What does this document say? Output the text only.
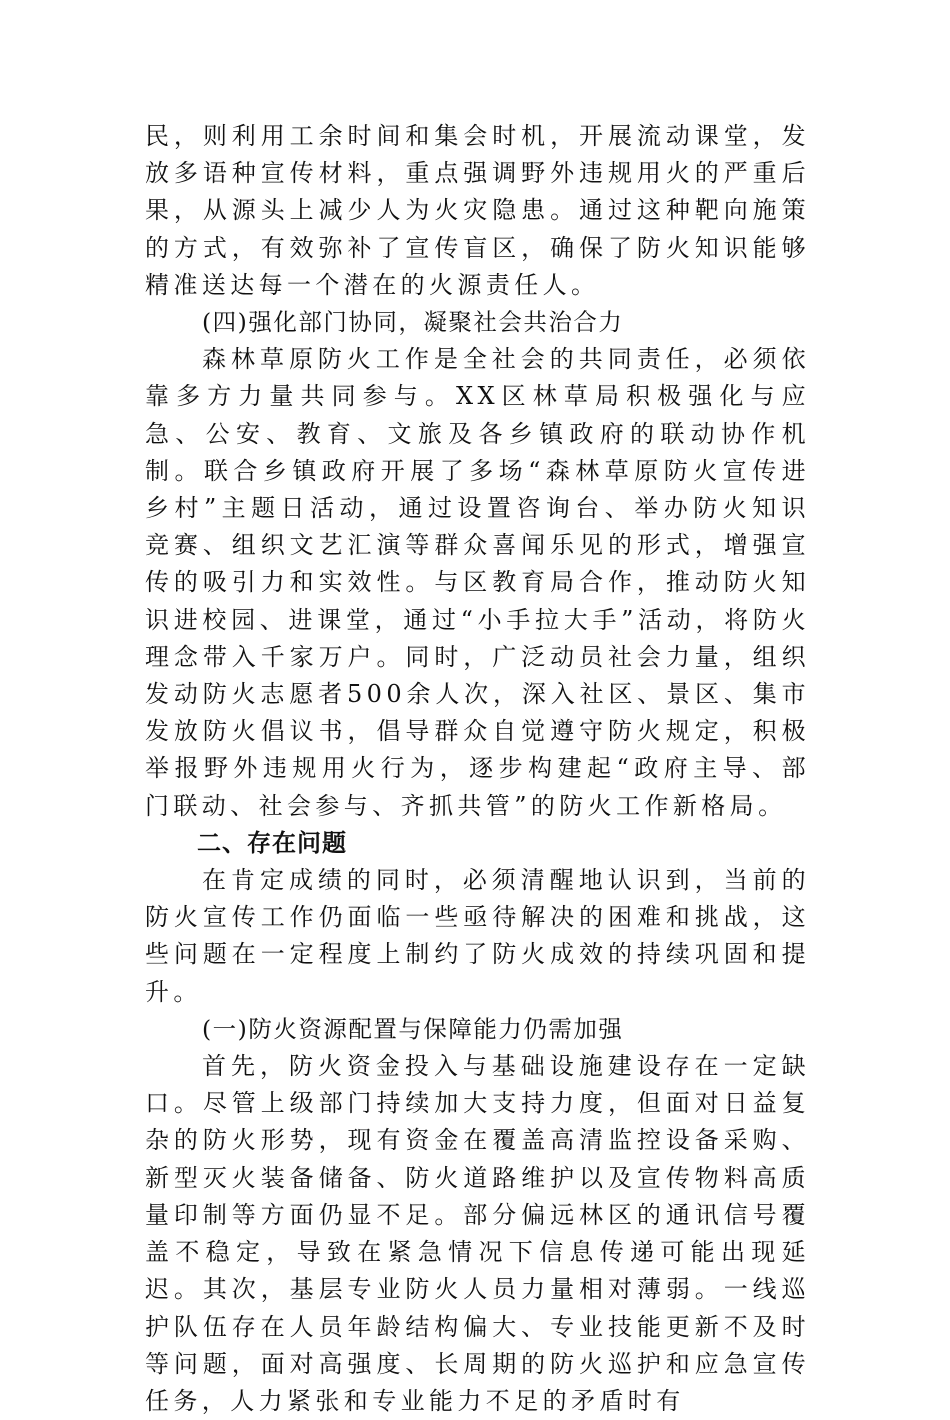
民，则利用工余时间和集会时机，开展流动课堂，发放多语种宣传材料，重点强调野外违规用火的严重后果，从源头上减少人为火灾隐患。通过这种靶向施策的方式，有效弥补了宣传盲区，确保了防火知识能够精准送达每一个潜在的火源责任人。

(四)强化部门协同，凝聚社会共治合力

森林草原防火工作是全社会的共同责任，必须依靠多方力量共同参与。XX区林草局积极强化与应急、公安、教育、文旅及各乡镇政府的联动协作机制。联合乡镇政府开展了多场“森林草原防火宣传进乡村”主题日活动，通过设置咨询台、举办防火知识竞赛、组织文艺汇演等群众喜闻乐见的形式，增强宣传的吸引力和实效性。与区教育局合作，推动防火知识进校园、进课堂，通过“小手拉大手”活动，将防火理念带入千家万户。同时，广泛动员社会力量，组织发动防火志愿者500余人次，深入社区、景区、集市发放防火倡议书，倡导群众自觉遵守防火规定，积极举报野外违规用火行为，逐步构建起“政府主导、部门联动、社会参与、齐抓共管”的防火工作新格局。

二、存在问题

在肯定成绩的同时，必须清醒地认识到，当前的防火宣传工作仍面临一些亟待解决的困难和挑战，这些问题在一定程度上制约了防火成效的持续巩固和提升。

(一)防火资源配置与保障能力仍需加强

首先，防火资金投入与基础设施建设存在一定缺口。尽管上级部门持续加大支持力度，但面对日益复杂的防火形势，现有资金在覆盖高清监控设备采购、新型灭火装备储备、防火道路维护以及宣传物料高质量印制等方面仍显不足。部分偏远林区的通讯信号覆盖不稳定，导致在紧急情况下信息传递可能出现延迟。其次，基层专业防火人员力量相对薄弱。一线巡护队伍存在人员年龄结构偏大、专业技能更新不及时等问题，面对高强度、长周期的防火巡护和应急宣传任务，人力紧张和专业能力不足的矛盾时有
